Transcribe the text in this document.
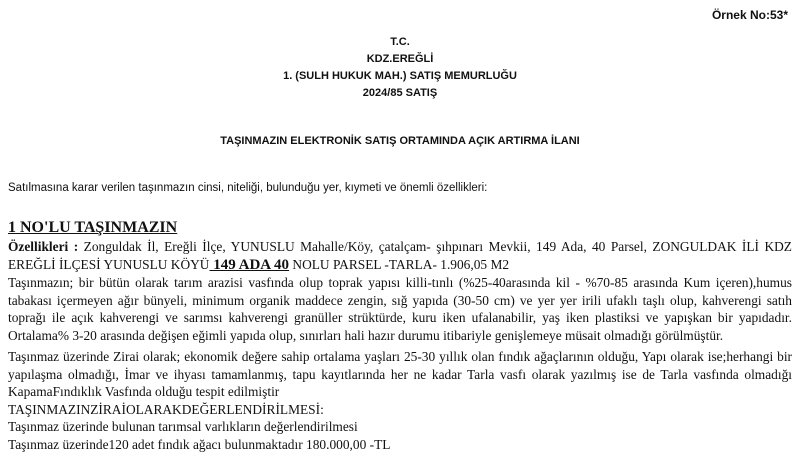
Örnek No:53*
T.C.
KDZ.EREĞLİ
1. (SULH HUKUK MAH.) SATIŞ MEMURLUĞU
2024/85 SATIŞ
TAŞINMAZIN ELEKTRONİK SATIŞ ORTAMINDA AÇIK ARTIRMA İLANI
Satılmasına karar verilen taşınmazın cinsi, niteliği, bulunduğu yer, kıymeti ve önemli özellikleri:
1 NO'LU TAŞINMAZIN

Özellikleri : Zonguldak İl, Ereğli İlçe, YUNUSLU Mahalle/Köy, çatalçam- şıhpınarı Mevkii, 149 Ada, 40 Parsel, ZONGULDAK İLİ KDZ EREĞLİ İLÇESİ YUNUSLU KÖYÜ 149 ADA 40 NOLU PARSEL -TARLA- 1.906,05 M2

Taşınmazın; bir bütün olarak tarım arazisi vasfında olup toprak yapısı killi-tınlı (%25-40arasında kil - %70-85 arasında Kum içeren),humus tabakası içermeyen ağır bünyeli, minimum organik maddece zengin, sığ yapıda (30-50 cm) ve yer yer irili ufaklı taşlı olup, kahverengi satıh toprağı ile açık kahverengi ve sarımsı kahverengi granüller strüktürde, kuru iken ufalanabilir, yaş iken plastiksi ve yapışkan bir yapıdadır. Ortalama% 3-20 arasında değişen eğimli yapıda olup, sınırları hali hazır durumu itibariyle genişlemeye müsait olmadığı görülmüştür.

Taşınmaz üzerinde Zirai olarak; ekonomik değere sahip ortalama yaşları 25-30 yıllık olan fındık ağaçlarının olduğu, Yapı olarak ise;herhangi bir yapılaşma olmadığı, İmar ve ihyası tamamlanmış, tapu kayıtlarında her ne kadar Tarla vasfı olarak yazılmış ise de Tarla vasfında olmadığı KapamaFındıklık Vasfında olduğu tespit edilmiştir

TAŞINMAZINZİRAİOLARAKDEĞERLENDİRİLMESİ:

Taşınmaz üzerinde bulunan tarımsal varlıkların değerlendirilmesi

Taşınmaz üzerinde120 adet fındık ağacı bulunmaktadır 180.000,00 -TL
